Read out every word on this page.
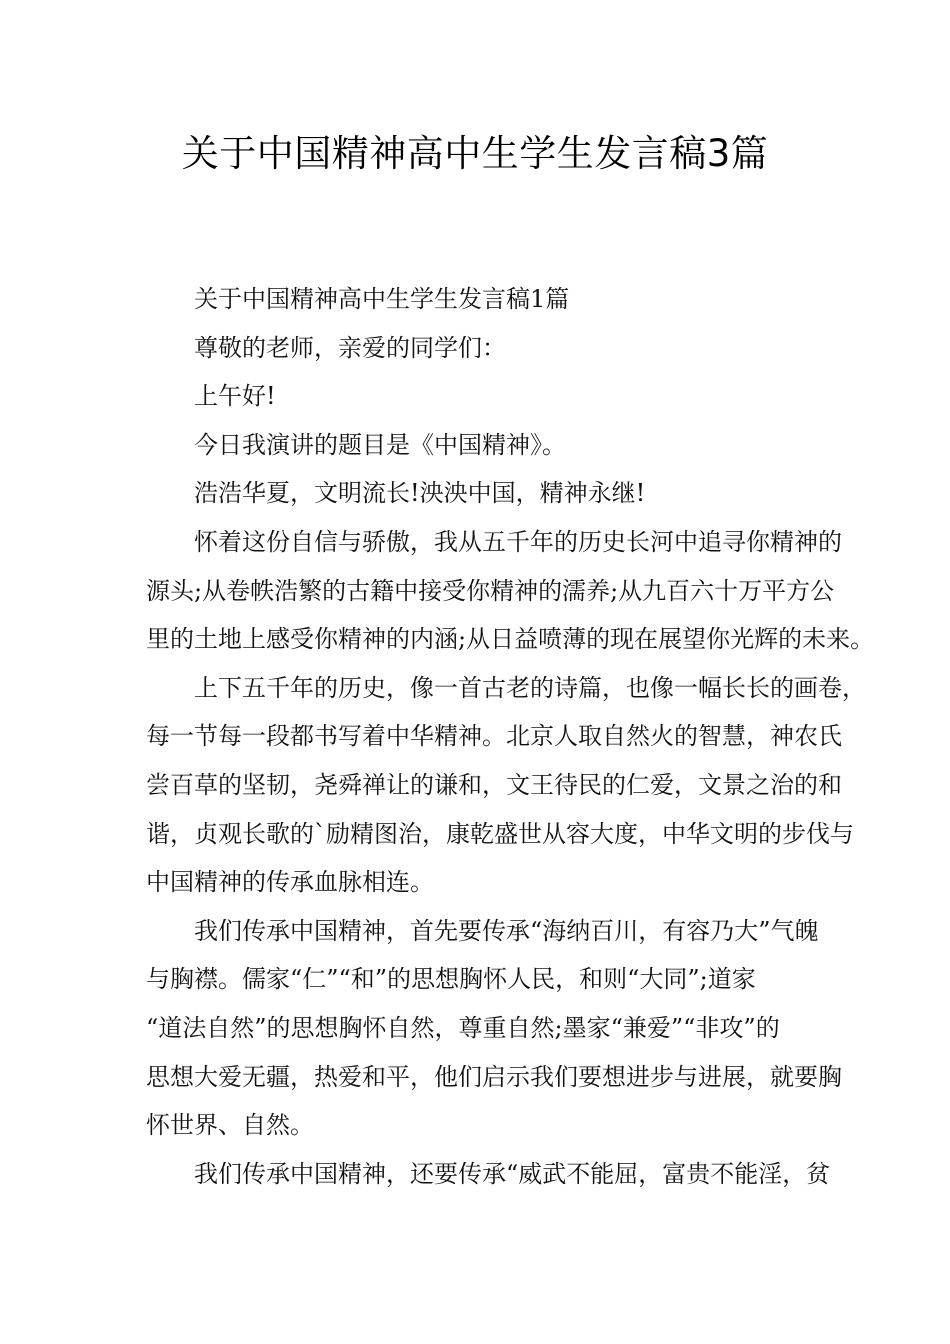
关于中国精神高中生学生发言稿3篇

关于中国精神高中生学生发言稿1篇

尊敬的老师，亲爱的同学们：

上午好!

今日我演讲的题目是《中国精神》。

浩浩华夏，文明流长!泱泱中国，精神永继!

　　怀着这份自信与骄傲，我从五千年的历史长河中追寻你精神的
源头;从卷帙浩繁的古籍中接受你精神的濡养;从九百六十万平方公
里的土地上感受你精神的内涵;从日益喷薄的现在展望你光辉的未来。
　　上下五千年的历史，像一首古老的诗篇，也像一幅长长的画卷，
每一节每一段都书写着中华精神。北京人取自然火的智慧，神农氏
尝百草的坚韧，尧舜禅让的谦和，文王待民的仁爱，文景之治的和
谐，贞观长歌的`励精图治，康乾盛世从容大度，中华文明的步伐与
中国精神的传承血脉相连。
　　我们传承中国精神，首先要传承“海纳百川，有容乃大”气魄
与胸襟。儒家“仁”“和”的思想胸怀人民，和则“大同”;道家
“道法自然”的思想胸怀自然，尊重自然;墨家“兼爱”“非攻”的
思想大爱无疆，热爱和平，他们启示我们要想进步与进展，就要胸
怀世界、自然。
　　我们传承中国精神，还要传承“威武不能屈，富贵不能淫，贫
